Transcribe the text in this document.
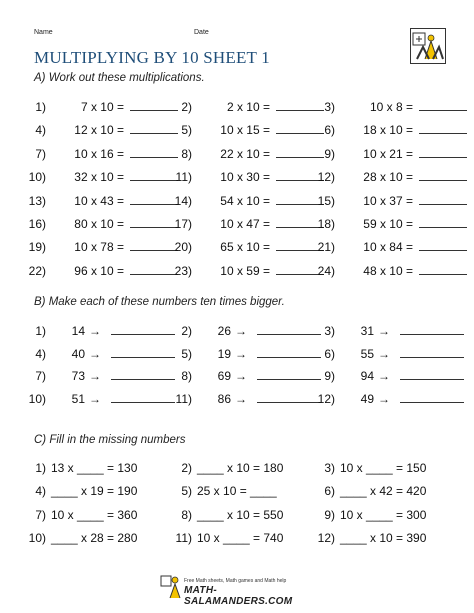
Name	Date
MULTIPLYING BY 10 SHEET 1
A) Work out these multiplications.
1)	7 x 10 =	2)	2 x 10 =	3)	10 x 8 =
4)	12 x 10 =	5)	10 x 15 =	6)	18 x 10 =
7)	10 x 16 =	8)	22 x 10 =	9)	10 x 21 =
10)	32 x 10 =	11)	10 x 30 =	12)	28 x 10 =
13)	10 x 43 =	14)	54 x 10 =	15)	10 x 37 =
16)	80 x 10 =	17)	10 x 47 =	18)	59 x 10 =
19)	10 x 78 =	20)	65 x 10 =	21)	10 x 84 =
22)	96 x 10 =	23)	10 x 59 =	24)	48 x 10 =
B) Make each of these numbers ten times bigger.
1)	14 →	2)	26 →	3)	31 →
4)	40 →	5)	19 →	6)	55 →
7)	73 →	8)	69 →	9)	94 →
10)	51 →	11)	86 →	12)	49 →
C) Fill in the missing numbers
1) 13 x ____ = 130	2) ____ x 10 = 180	3) 10 x ____ = 150
4) ____ x 19 = 190	5) 25 x 10 = ____	6) ____ x 42 = 420
7) 10 x ____ = 360	8) ____ x 10 = 550	9) 10 x ____ = 300
10) ____ x 28 = 280	11) 10 x ____ = 740	12) ____ x 10 = 390
Free Math sheets, Math games and Math help
MATH-SALAMANDERS.COM
